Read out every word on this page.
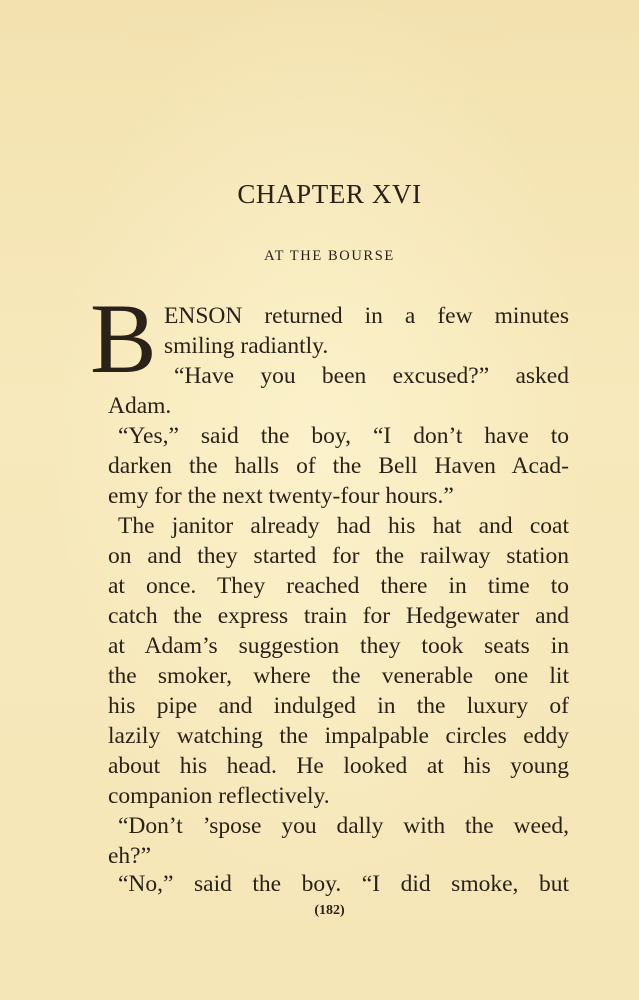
CHAPTER XVI
AT THE BOURSE
B ENSON returned in a few minutes
smiling radiantly.
“Have you been excused?” asked
Adam.
“Yes,” said the boy, “I don’t have to
darken the halls of the Bell Haven Acad-
emy for the next twenty-four hours.”
The janitor already had his hat and coat
on and they started for the railway station
at once. They reached there in time to
catch the express train for Hedgewater and
at Adam’s suggestion they took seats in
the smoker, where the venerable one lit
his pipe and indulged in the luxury of
lazily watching the impalpable circles eddy
about his head. He looked at his young
companion reflectively.
“Don’t ’spose you dally with the weed,
eh?”
“No,” said the boy. “I did smoke, but
(182)
